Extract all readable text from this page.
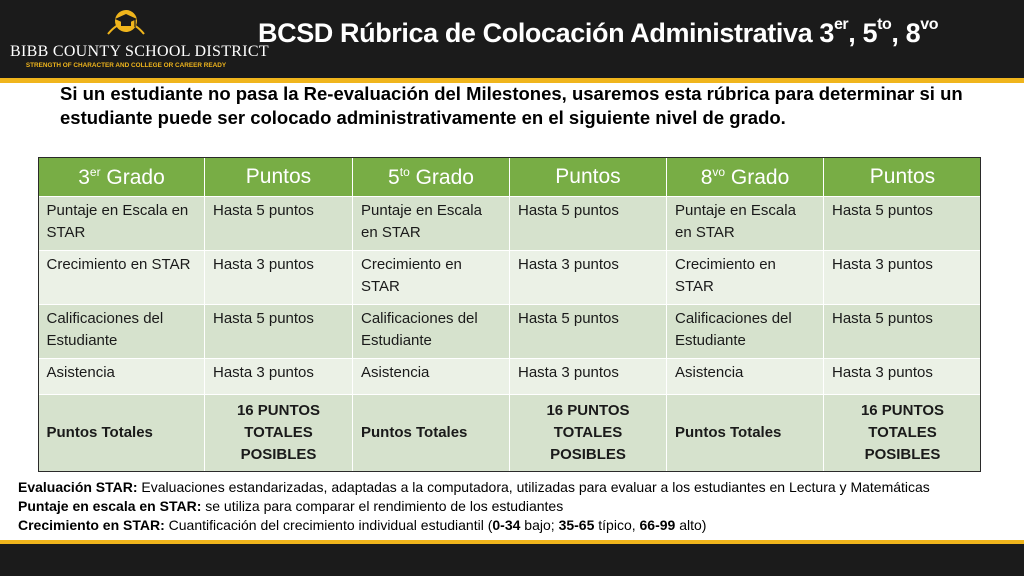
BIBB COUNTY SCHOOL DISTRICT
STRENGTH OF CHARACTER AND COLLEGE OR CAREER READY
BCSD Rúbrica de Colocación Administrativa 3er, $5^{to}$, $8^{vo}$
Si un estudiante no pasa la Re-evaluación del Milestones, usaremos esta rúbrica para determinar si un estudiante puede ser colocado administrativamente en el siguiente nivel de grado.
3er Grado	Puntos	$5^{to}$ Grado	Puntos	$8^{vo}$ Grado	Puntos
Puntaje en Escala en STAR	Hasta 5 puntos	Puntaje en Escala en STAR	Hasta 5 puntos	Puntaje en Escala en STAR	Hasta 5 puntos
Crecimiento en STAR	Hasta 3 puntos	Crecimiento en STAR	Hasta 3 puntos	Crecimiento en STAR	Hasta 3 puntos
Calificaciones del Estudiante	Hasta 5 puntos	Calificaciones del Estudiante	Hasta 5 puntos	Calificaciones del Estudiante	Hasta 5 puntos
Asistencia	Hasta 3 puntos	Asistencia	Hasta 3 puntos	Asistencia	Hasta 3 puntos
Puntos Totales	16 PUNTOS TOTALES POSIBLES	Puntos Totales	16 PUNTOS TOTALES POSIBLES	Puntos Totales	16 PUNTOS TOTALES POSIBLES
Evaluación STAR: Evaluaciones estandarizadas, adaptadas a la computadora, utilizadas para evaluar a los estudiantes en Lectura y Matemáticas
Puntaje en escala en STAR: se utiliza para comparar el rendimiento de los estudiantes
Crecimiento en STAR: Cuantificación del crecimiento individual estudiantil (0-34 bajo; 35-65 típico, 66-99 alto)
